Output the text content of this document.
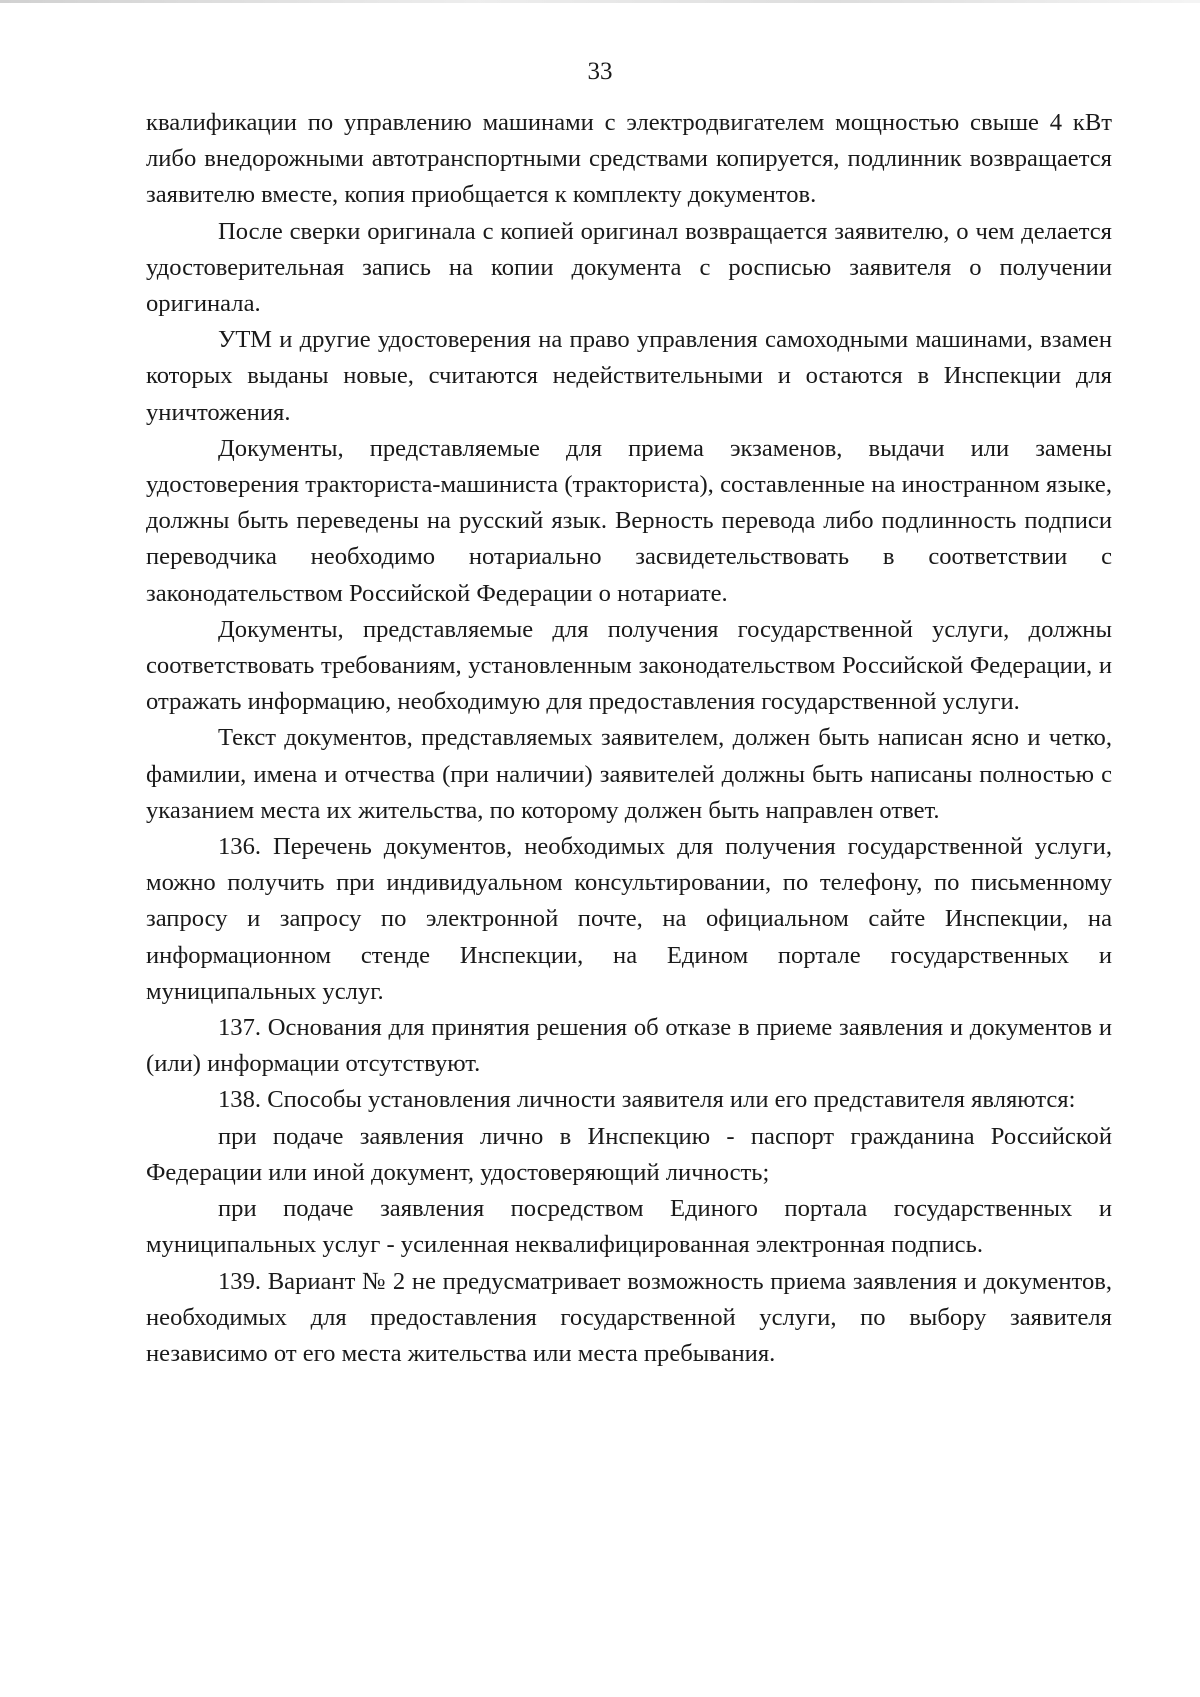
33

квалификации по управлению машинами с электродвигателем мощностью свыше 4 кВт либо внедорожными автотранспортными средствами копируется, подлинник возвращается заявителю вместе, копия приобщается к комплекту документов.

После сверки оригинала с копией оригинал возвращается заявителю, о чем делается удостоверительная запись на копии документа с росписью заявителя о получении оригинала.

УТМ и другие удостоверения на право управления самоходными машинами, взамен которых выданы новые, считаются недействительными и остаются в Инспекции для уничтожения.

Документы, представляемые для приема экзаменов, выдачи или замены удостоверения тракториста-машиниста (тракториста), составленные на иностранном языке, должны быть переведены на русский язык. Верность перевода либо подлинность подписи переводчика необходимо нотариально засвидетельствовать в соответствии с законодательством Российской Федерации о нотариате.

Документы, представляемые для получения государственной услуги, должны соответствовать требованиям, установленным законодательством Российской Федерации, и отражать информацию, необходимую для предоставления государственной услуги.

Текст документов, представляемых заявителем, должен быть написан ясно и четко, фамилии, имена и отчества (при наличии) заявителей должны быть написаны полностью с указанием места их жительства, по которому должен быть направлен ответ.

136. Перечень документов, необходимых для получения государственной услуги, можно получить при индивидуальном консультировании, по телефону, по письменному запросу и запросу по электронной почте, на официальном сайте Инспекции, на информационном стенде Инспекции, на Едином портале государственных и муниципальных услуг.

137. Основания для принятия решения об отказе в приеме заявления и документов и (или) информации отсутствуют.

138. Способы установления личности заявителя или его представителя являются:

при подаче заявления лично в Инспекцию - паспорт гражданина Российской Федерации или иной документ, удостоверяющий личность;

при подаче заявления посредством Единого портала государственных и муниципальных услуг - усиленная неквалифицированная электронная подпись.

139. Вариант № 2 не предусматривает возможность приема заявления и документов, необходимых для предоставления государственной услуги, по выбору заявителя независимо от его места жительства или места пребывания.
